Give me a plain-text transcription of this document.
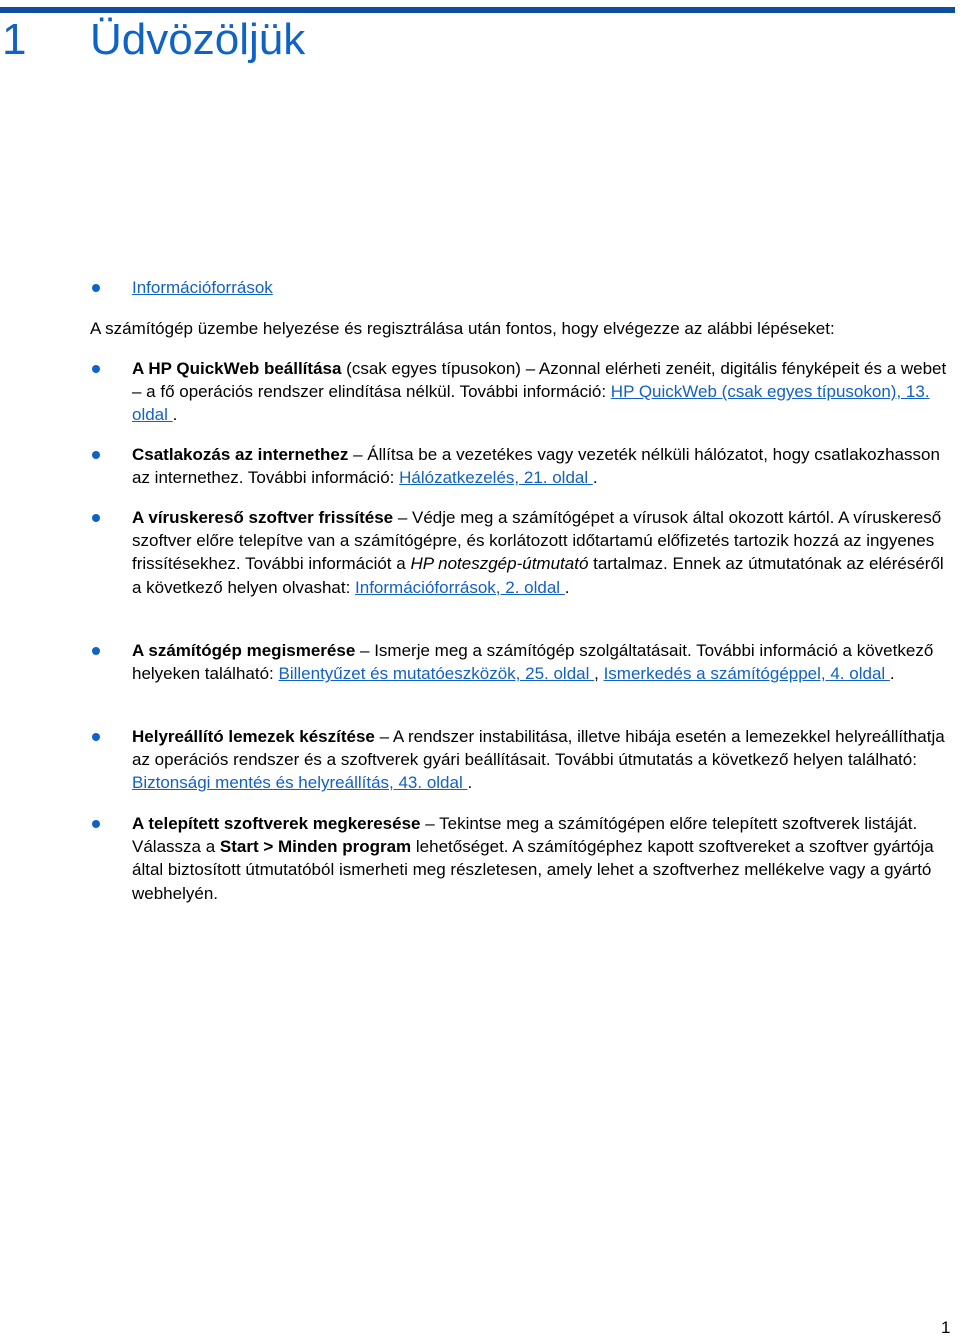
1 Üdvözöljük
Információforrások

A számítógép üzembe helyezése és regisztrálása után fontos, hogy elvégezze az alábbi lépéseket:

A HP QuickWeb beállítása (csak egyes típusokon) – Azonnal elérheti zenéit, digitális fényképeit és a webet – a fő operációs rendszer elindítása nélkül. További információ: HP QuickWeb (csak egyes típusokon), 13. oldal .
Csatlakozás az internethez – Állítsa be a vezetékes vagy vezeték nélküli hálózatot, hogy csatlakozhasson az internethez. További információ: Hálózatkezelés, 21. oldal .
A víruskereső szoftver frissítése – Védje meg a számítógépet a vírusok által okozott kártól. A víruskereső szoftver előre telepítve van a számítógépre, és korlátozott időtartamú előfizetés tartozik hozzá az ingyenes frissítésekhez. További információt a HP noteszgép-útmutató tartalmaz. Ennek az útmutatónak az eléréséről a következő helyen olvashat: Információforrások, 2. oldal .
A számítógép megismerése – Ismerje meg a számítógép szolgáltatásait. További információ a következő helyeken található: Billentyűzet és mutatóeszközök, 25. oldal , Ismerkedés a számítógéppel, 4. oldal .
Helyreállító lemezek készítése – A rendszer instabilitása, illetve hibája esetén a lemezekkel helyreállíthatja az operációs rendszer és a szoftverek gyári beállításait. További útmutatás a következő helyen található: Biztonsági mentés és helyreállítás, 43. oldal .
A telepített szoftverek megkeresése – Tekintse meg a számítógépen előre telepített szoftverek listáját. Válassza a Start > Minden program lehetőséget. A számítógéphez kapott szoftvereket a szoftver gyártója által biztosított útmutatóból ismerheti meg részletesen, amely lehet a szoftverhez mellékelve vagy a gyártó webhelyén.
1
